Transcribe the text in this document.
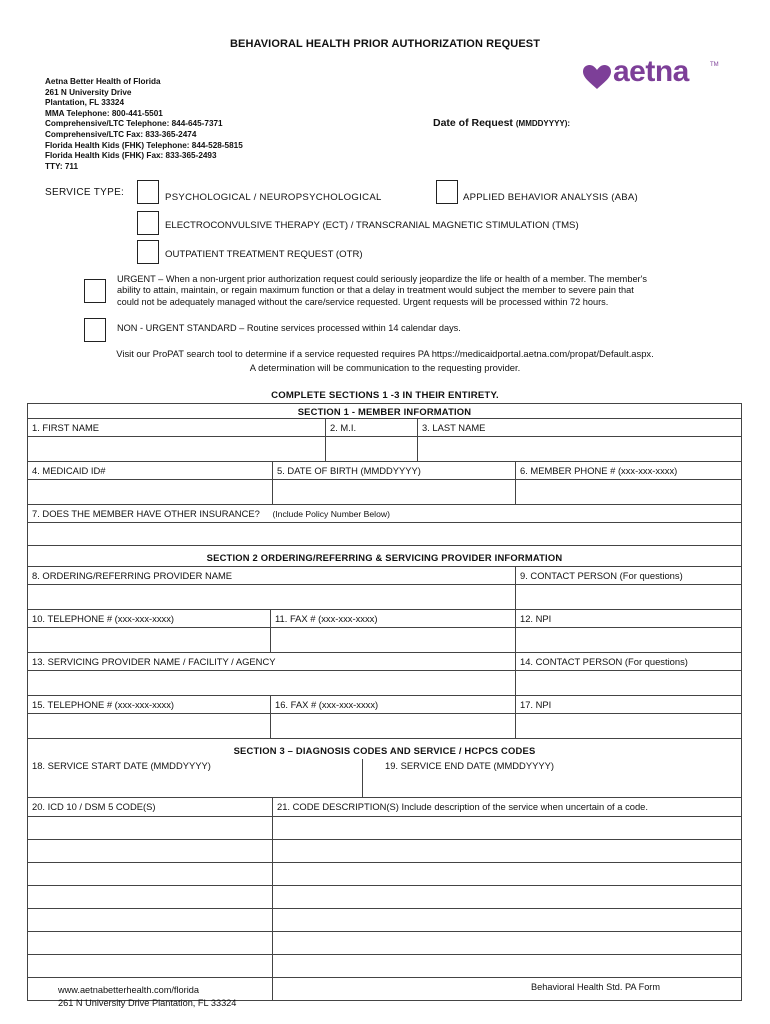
BEHAVIORAL HEALTH PRIOR AUTHORIZATION REQUEST
Aetna Better Health of Florida
261 N University Drive
Plantation, FL 33324
MMA Telephone: 800-441-5501
Comprehensive/LTC Telephone: 844-645-7371
Comprehensive/LTC Fax: 833-365-2474
Florida Health Kids (FHK) Telephone: 844-528-5815
Florida Health Kids (FHK) Fax: 833-365-2493
TTY: 711
aetna	TM
Date of Request (MMDDYYYY):
SERVICE TYPE:	PSYCHOLOGICAL / NEUROPSYCHOLOGICAL	APPLIED BEHAVIOR ANALYSIS (ABA)
ELECTROCONVULSIVE THERAPY (ECT) / TRANSCRANIAL MAGNETIC STIMULATION (TMS)
OUTPATIENT TREATMENT REQUEST (OTR)
URGENT – When a non-urgent prior authorization request could seriously jeopardize the life or health of a member. The member's
ability to attain, maintain, or regain maximum function or that a delay in treatment would subject the member to severe pain that
could not be adequately managed without the care/service requested. Urgent requests will be processed within 72 hours.
NON - URGENT STANDARD – Routine services processed within 14 calendar days.
Visit our ProPAT search tool to determine if a service requested requires PA https://medicaidportal.aetna.com/propat/Default.aspx.
A determination will be communication to the requesting provider.
COMPLETE SECTIONS 1 -3 IN THEIR ENTIRETY.
SECTION 1 - MEMBER INFORMATION
1. FIRST NAME	2. M.I.	3. LAST NAME
4. MEDICAID ID#	5. DATE OF BIRTH (MMDDYYYY)	6. MEMBER PHONE # (xxx-xxx-xxxx)
7. DOES THE MEMBER HAVE OTHER INSURANCE? (Include Policy Number Below)
SECTION 2 ORDERING/REFERRING & SERVICING PROVIDER INFORMATION
8. ORDERING/REFERRING PROVIDER NAME	9. CONTACT PERSON (For questions)
10. TELEPHONE # (xxx-xxx-xxxx)	11. FAX # (xxx-xxx-xxxx)	12. NPI
13. SERVICING PROVIDER NAME / FACILITY / AGENCY	14. CONTACT PERSON (For questions)
15. TELEPHONE # (xxx-xxx-xxxx)	16. FAX # (xxx-xxx-xxxx)	17. NPI
SECTION 3 – DIAGNOSIS CODES AND SERVICE / HCPCS CODES
18. SERVICE START DATE (MMDDYYYY)	19. SERVICE END DATE (MMDDYYYY)
20. ICD 10 / DSM 5 CODE(S)	21. CODE DESCRIPTION(S) Include description of the service when uncertain of a code.
www.aetnabetterhealth.com/florida
261 N University Drive Plantation, FL 33324
Behavioral Health Std. PA Form
